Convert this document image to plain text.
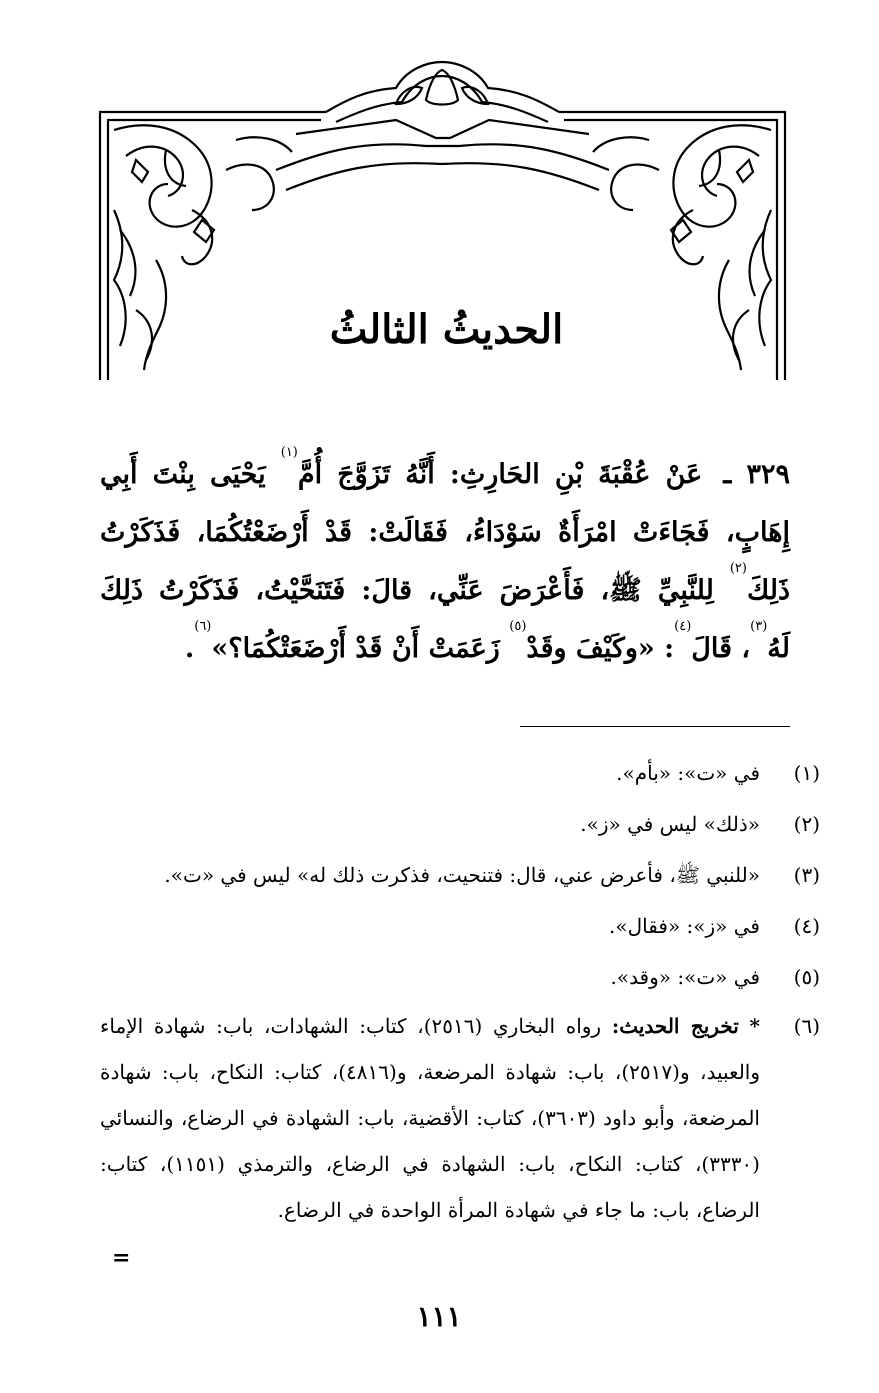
الحديثُ الثالثُ
٣٢٩ ـ عَنْ عُقْبَةَ بْنِ الحَارِثِ: أَنَّهُ تَزَوَّجَ أُمَّ$^{(١)}$ يَحْيَى بِنْتَ أَبِي إِهَابٍ، فَجَاءَتْ امْرَأَةٌ سَوْدَاءُ، فَقَالَتْ: قَدْ أَرْضَعْتُكُمَا، فَذَكَرْتُ ذَلِكَ$^{(٢)}$ لِلنَّبِيِّ ﷺ، فَأَعْرَضَ عَنِّي، قالَ: فَتَنَحَّيْتُ، فَذَكَرْتُ ذَلِكَ لَهُ$^{(٣)}$، قَالَ$^{(٤)}$: «وكَيْفَ وقَدْ$^{(٥)}$ زَعَمَتْ أَنْ قَدْ أَرْضَعَتْكُمَا؟»$^{(٦)}$.
(١)
في «ت»: «بأم».
(٢)
«ذلك» ليس في «ز».
(٣)
«للنبي ﷺ، فأعرض عني، قال: فتنحيت، فذكرت ذلك له» ليس في «ت».
(٤)
في «ز»: «فقال».
(٥)
في «ت»: «وقد».
(٦)
* تخريج الحديث: رواه البخاري (٢٥١٦)، كتاب: الشهادات، باب: شهادة الإماء والعبيد، و(٢٥١٧)، باب: شهادة المرضعة، و(٤٨١٦)، كتاب: النكاح، باب: شهادة المرضعة، وأبو داود (٣٦٠٣)، كتاب: الأقضية، باب: الشهادة في الرضاع، والنسائي (٣٣٣٠)، كتاب: النكاح، باب: الشهادة في الرضاع، والترمذي (١١٥١)، كتاب: الرضاع، باب: ما جاء في شهادة المرأة الواحدة في الرضاع.
=
١١١
